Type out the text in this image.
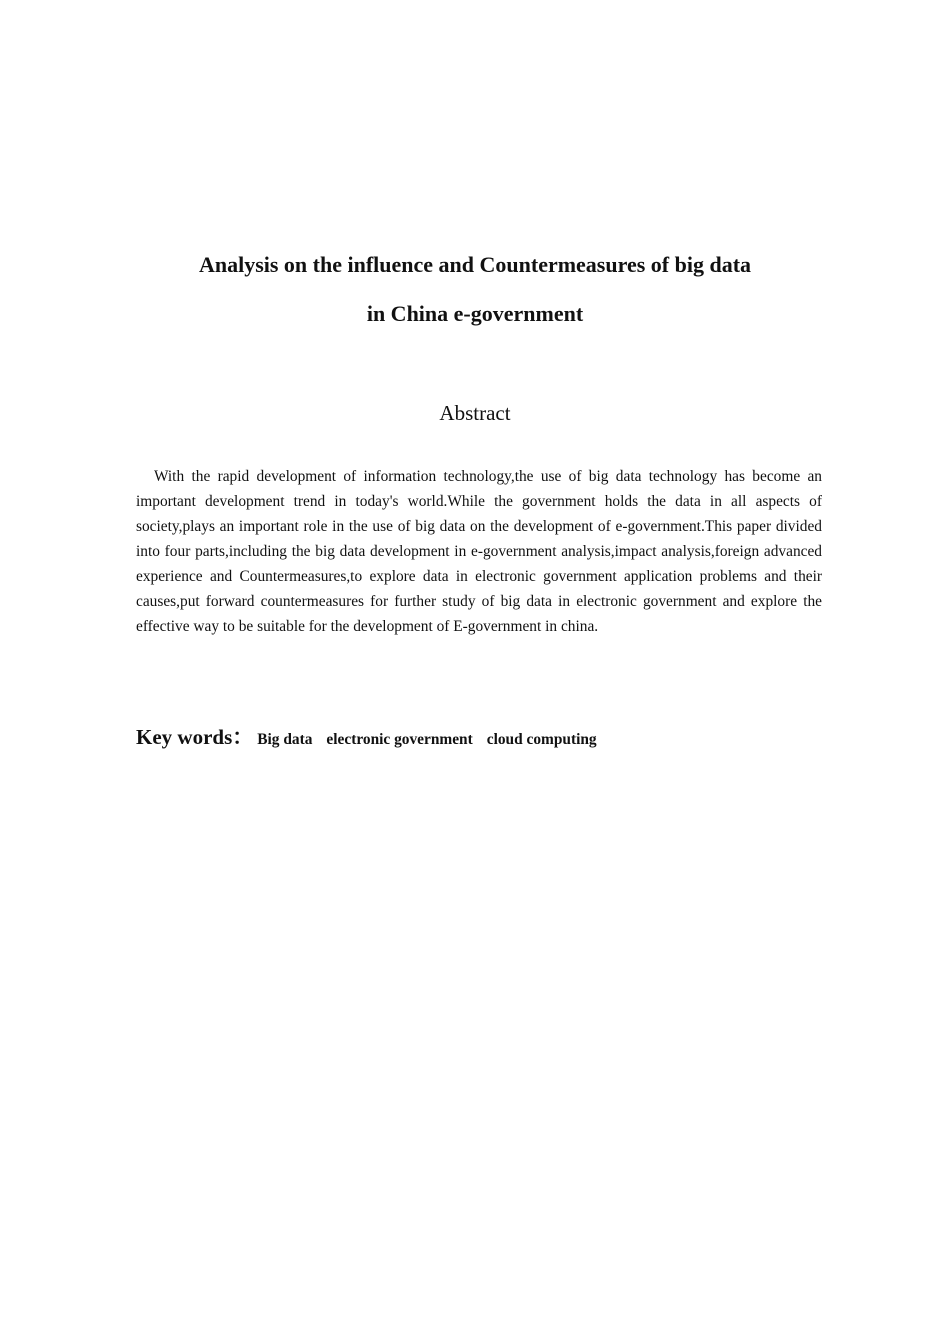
Analysis on the influence and Countermeasures of big data
in China e-government
Abstract

With the rapid development of information technology,the use of big data technology has become an important development trend in today's world.While the government holds the data in all aspects of society,plays an important role in the use of big data on the development of e-government.This paper divided into four parts,including the big data development in e-government analysis,impact analysis,foreign advanced experience and Countermeasures,to explore data in electronic government application problems and their causes,put forward countermeasures for further study of big data in electronic government and explore the effective way to be suitable for the development of E-government in china.

Key words： Big data electronic government cloud computing
